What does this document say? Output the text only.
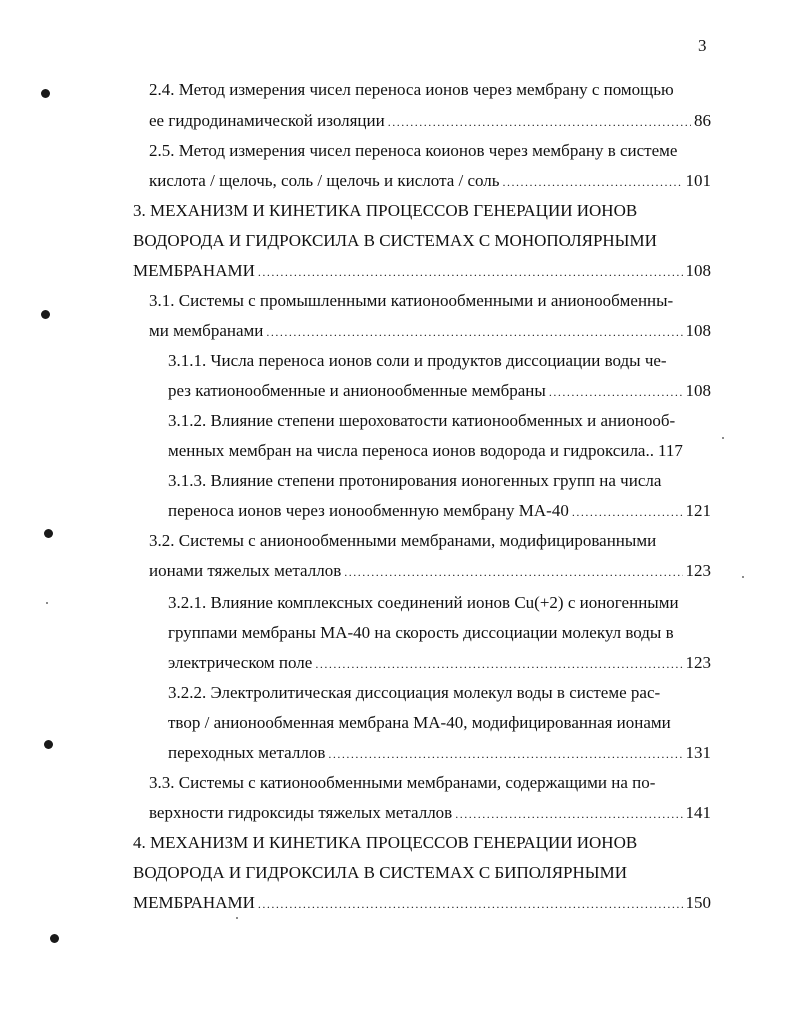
3
2.4. Метод измерения чисел переноса ионов через мембрану с помощью
ее гидродинамической изоляции .....	86
2.5. Метод измерения чисел переноса коионов через мембрану в системе
кислота / щелочь, соль / щелочь и кислота / соль .....	101
3. МЕХАНИЗМ И КИНЕТИКА ПРОЦЕССОВ ГЕНЕРАЦИИ ИОНОВ
ВОДОРОДА И ГИДРОКСИЛА В СИСТЕМАХ С МОНОПОЛЯРНЫМИ
МЕМБРАНАМИ .....	108
3.1. Системы с промышленными катионообменными и анионообменны-
ми мембранами .....	108
3.1.1. Числа переноса ионов соли и продуктов диссоциации воды че-
рез катионообменные и анионообменные мембраны .....	108
3.1.2. Влияние степени шероховатости катионообменных и анионооб-
менных мембран на числа переноса ионов водорода и гидроксила.. 117
3.1.3. Влияние степени протонирования ионогенных групп на числа
переноса ионов через ионообменную мембрану МА-40 .....	121
3.2. Системы с анионообменными мембранами, модифицированными
ионами тяжелых металлов .....	123
3.2.1. Влияние комплексных соединений ионов Cu(+2) с ионогенными
группами мембраны МА-40 на скорость диссоциации молекул воды в
электрическом поле .....	123
3.2.2. Электролитическая диссоциация молекул воды в системе рас-
твор / анионообменная мембрана МА-40, модифицированная ионами
переходных металлов .....	131
3.3. Системы с катионообменными мембранами, содержащими на по-
верхности гидроксиды тяжелых металлов .....	141
4. МЕХАНИЗМ И КИНЕТИКА ПРОЦЕССОВ ГЕНЕРАЦИИ ИОНОВ
ВОДОРОДА И ГИДРОКСИЛА В СИСТЕМАХ С БИПОЛЯРНЫМИ
МЕМБРАНАМИ .....	150
